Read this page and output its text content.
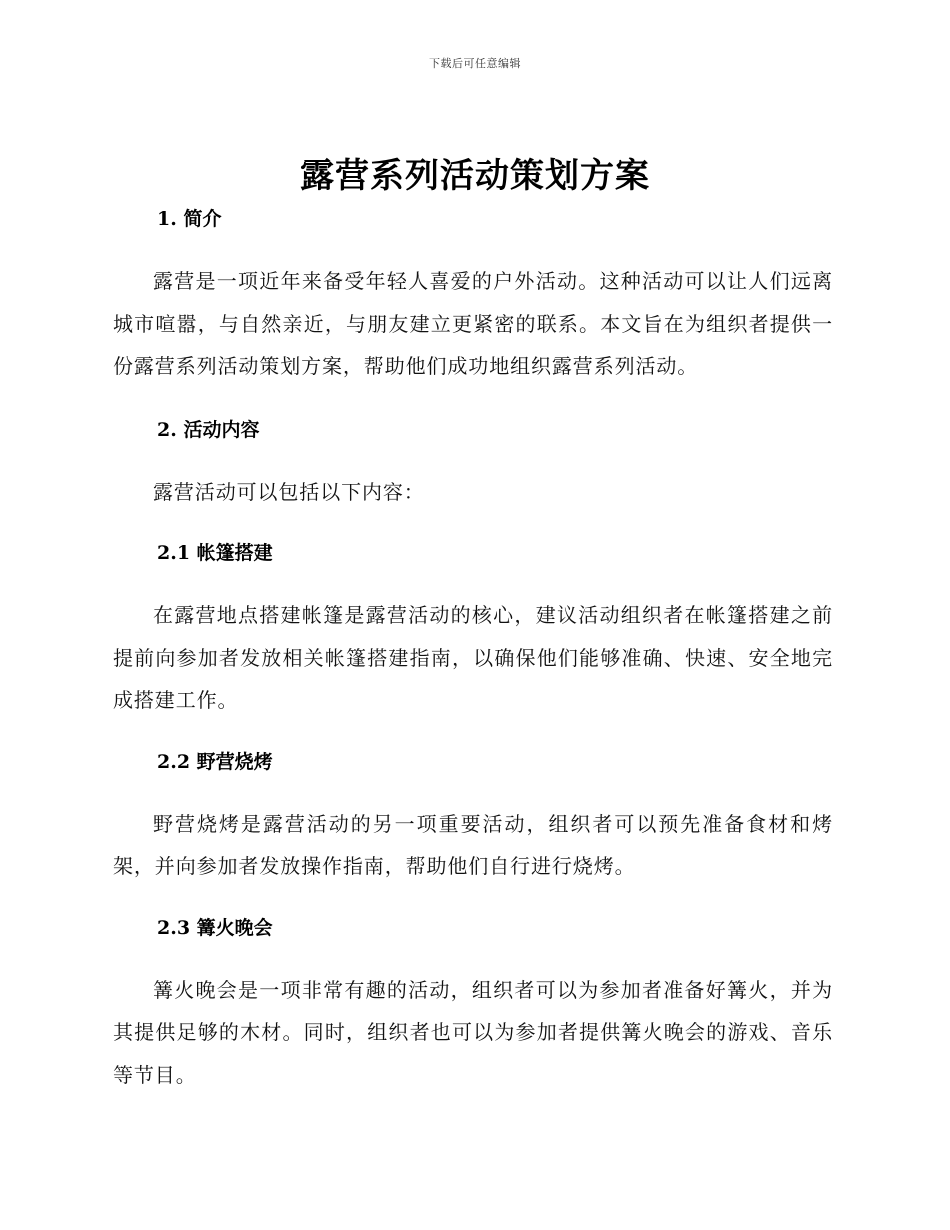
下载后可任意编辑
露营系列活动策划方案
1. 简介

露营是一项近年来备受年轻人喜爱的户外活动。这种活动可以让人们远离城市喧嚣，与自然亲近，与朋友建立更紧密的联系。本文旨在为组织者提供一份露营系列活动策划方案，帮助他们成功地组织露营系列活动。

2. 活动内容

露营活动可以包括以下内容：

2.1 帐篷搭建

在露营地点搭建帐篷是露营活动的核心，建议活动组织者在帐篷搭建之前提前向参加者发放相关帐篷搭建指南，以确保他们能够准确、快速、安全地完成搭建工作。

2.2 野营烧烤

野营烧烤是露营活动的另一项重要活动，组织者可以预先准备食材和烤架，并向参加者发放操作指南，帮助他们自行进行烧烤。

2.3 篝火晚会

篝火晚会是一项非常有趣的活动，组织者可以为参加者准备好篝火，并为其提供足够的木材。同时，组织者也可以为参加者提供篝火晚会的游戏、音乐等节目。
